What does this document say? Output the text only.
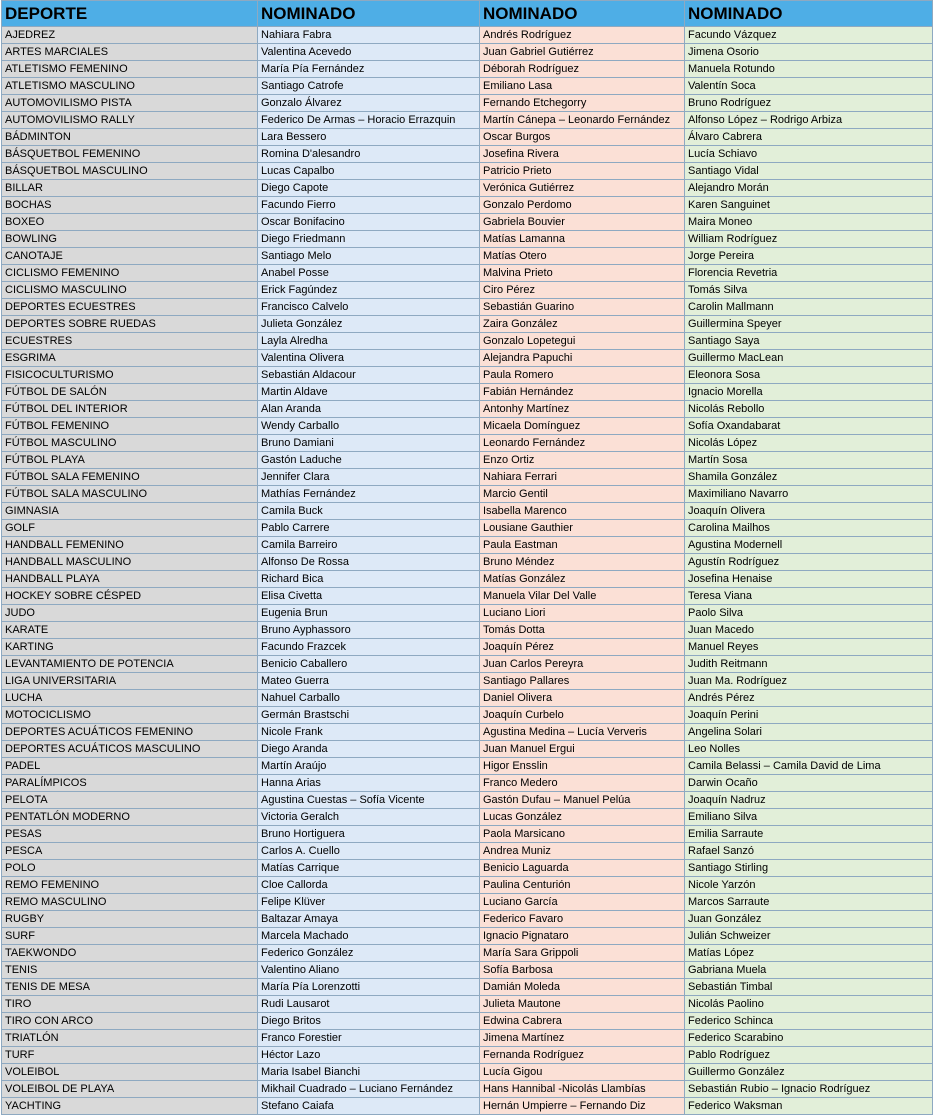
DEPORTE	NOMINADO	NOMINADO	NOMINADO
AJEDREZ	Nahiara Fabra	Andrés Rodríguez	Facundo Vázquez
ARTES MARCIALES	Valentina Acevedo	Juan Gabriel Gutiérrez	Jimena Osorio
ATLETISMO FEMENINO	María Pía Fernández	Déborah Rodríguez	Manuela Rotundo
ATLETISMO MASCULINO	Santiago Catrofe	Emiliano Lasa	Valentín Soca
AUTOMOVILISMO PISTA	Gonzalo Álvarez	Fernando Etchegorry	Bruno Rodríguez
AUTOMOVILISMO RALLY	Federico De Armas – Horacio Errazquin	Martín Cánepa – Leonardo Fernández	Alfonso López – Rodrigo Arbiza
BÁDMINTON	Lara Bessero	Oscar Burgos	Álvaro Cabrera
BÁSQUETBOL FEMENINO	Romina D'alesandro	Josefina Rivera	Lucía Schiavo
BÁSQUETBOL MASCULINO	Lucas Capalbo	Patricio Prieto	Santiago Vidal
BILLAR	Diego Capote	Verónica Gutiérrez	Alejandro Morán
BOCHAS	Facundo Fierro	Gonzalo Perdomo	Karen Sanguinet
BOXEO	Oscar Bonifacino	Gabriela Bouvier	Maira Moneo
BOWLING	Diego Friedmann	Matías Lamanna	William Rodríguez
CANOTAJE	Santiago Melo	Matías Otero	Jorge Pereira
CICLISMO FEMENINO	Anabel Posse	Malvina Prieto	Florencia Revetria
CICLISMO MASCULINO	Erick Fagúndez	Ciro Pérez	Tomás Silva
DEPORTES ECUESTRES	Francisco Calvelo	Sebastián Guarino	Carolin Mallmann
DEPORTES SOBRE RUEDAS	Julieta González	Zaira González	Guillermina Speyer
ECUESTRES	Layla Alredha	Gonzalo Lopetegui	Santiago Saya
ESGRIMA	Valentina Olivera	Alejandra Papuchi	Guillermo MacLean
FISICOCULTURISMO	Sebastián Aldacour	Paula Romero	Eleonora Sosa
FÚTBOL DE SALÓN	Martin Aldave	Fabián Hernández	Ignacio Morella
FÚTBOL DEL INTERIOR	Alan Aranda	Antonhy Martínez	Nicolás Rebollo
FÚTBOL FEMENINO	Wendy Carballo	Micaela Domínguez	Sofía Oxandabarat
FÚTBOL MASCULINO	Bruno Damiani	Leonardo Fernández	Nicolás López
FÚTBOL PLAYA	Gastón Laduche	Enzo Ortiz	Martín Sosa
FÚTBOL SALA FEMENINO	Jennifer Clara	Nahiara Ferrari	Shamila González
FÚTBOL SALA MASCULINO	Mathías Fernández	Marcio Gentil	Maximiliano Navarro
GIMNASIA	Camila Buck	Isabella Marenco	Joaquín Olivera
GOLF	Pablo Carrere	Lousiane Gauthier	Carolina Mailhos
HANDBALL FEMENINO	Camila Barreiro	Paula Eastman	Agustina Modernell
HANDBALL MASCULINO	Alfonso De Rossa	Bruno Méndez	Agustín Rodríguez
HANDBALL PLAYA	Richard Bica	Matías González	Josefina Henaise
HOCKEY SOBRE CÉSPED	Elisa Civetta	Manuela Vilar Del Valle	Teresa Viana
JUDO	Eugenia Brun	Luciano Liori	Paolo Silva
KARATE	Bruno Ayphassoro	Tomás Dotta	Juan Macedo
KARTING	Facundo Frazcek	Joaquín Pérez	Manuel Reyes
LEVANTAMIENTO DE POTENCIA	Benicio Caballero	Juan Carlos Pereyra	Judith Reitmann
LIGA UNIVERSITARIA	Mateo Guerra	Santiago Pallares	Juan Ma. Rodríguez
LUCHA	Nahuel Carballo	Daniel Olivera	Andrés Pérez
MOTOCICLISMO	Germán Brastschi	Joaquín Curbelo	Joaquín Perini
DEPORTES ACUÁTICOS FEMENINO	Nicole Frank	Agustina Medina – Lucía Ververis	Angelina Solari
DEPORTES ACUÁTICOS MASCULINO	Diego Aranda	Juan Manuel Ergui	Leo Nolles
PADEL	Martín Araújo	Higor Ensslin	Camila Belassi – Camila David de Lima
PARALÍMPICOS	Hanna Arias	Franco Medero	Darwin Ocaño
PELOTA	Agustina Cuestas – Sofía Vicente	Gastón Dufau – Manuel Pelúa	Joaquín Nadruz
PENTATLÓN MODERNO	Victoria Geralch	Lucas González	Emiliano Silva
PESAS	Bruno Hortiguera	Paola Marsicano	Emilia Sarraute
PESCA	Carlos A. Cuello	Andrea Muniz	Rafael Sanzó
POLO	Matías Carrique	Benicio Laguarda	Santiago Stirling
REMO FEMENINO	Cloe Callorda	Paulina Centurión	Nicole Yarzón
REMO MASCULINO	Felipe Klüver	Luciano García	Marcos Sarraute
RUGBY	Baltazar Amaya	Federico Favaro	Juan González
SURF	Marcela Machado	Ignacio Pignataro	Julián Schweizer
TAEKWONDO	Federico González	María Sara Grippoli	Matías López
TENIS	Valentino Aliano	Sofía Barbosa	Gabriana Muela
TENIS DE MESA	María Pía Lorenzotti	Damián Moleda	Sebastián Timbal
TIRO	Rudi Lausarot	Julieta Mautone	Nicolás Paolino
TIRO CON ARCO	Diego Britos	Edwina Cabrera	Federico Schinca
TRIATLÓN	Franco Forestier	Jimena Martínez	Federico Scarabino
TURF	Héctor Lazo	Fernanda Rodríguez	Pablo Rodríguez
VOLEIBOL	Maria Isabel Bianchi	Lucía Gigou	Guillermo González
VOLEIBOL DE PLAYA	Mikhail Cuadrado – Luciano Fernández	Hans Hannibal -Nicolás Llambías	Sebastián Rubio – Ignacio Rodríguez
YACHTING	Stefano Caiafa	Hernán Umpierre – Fernando Diz	Federico Waksman
